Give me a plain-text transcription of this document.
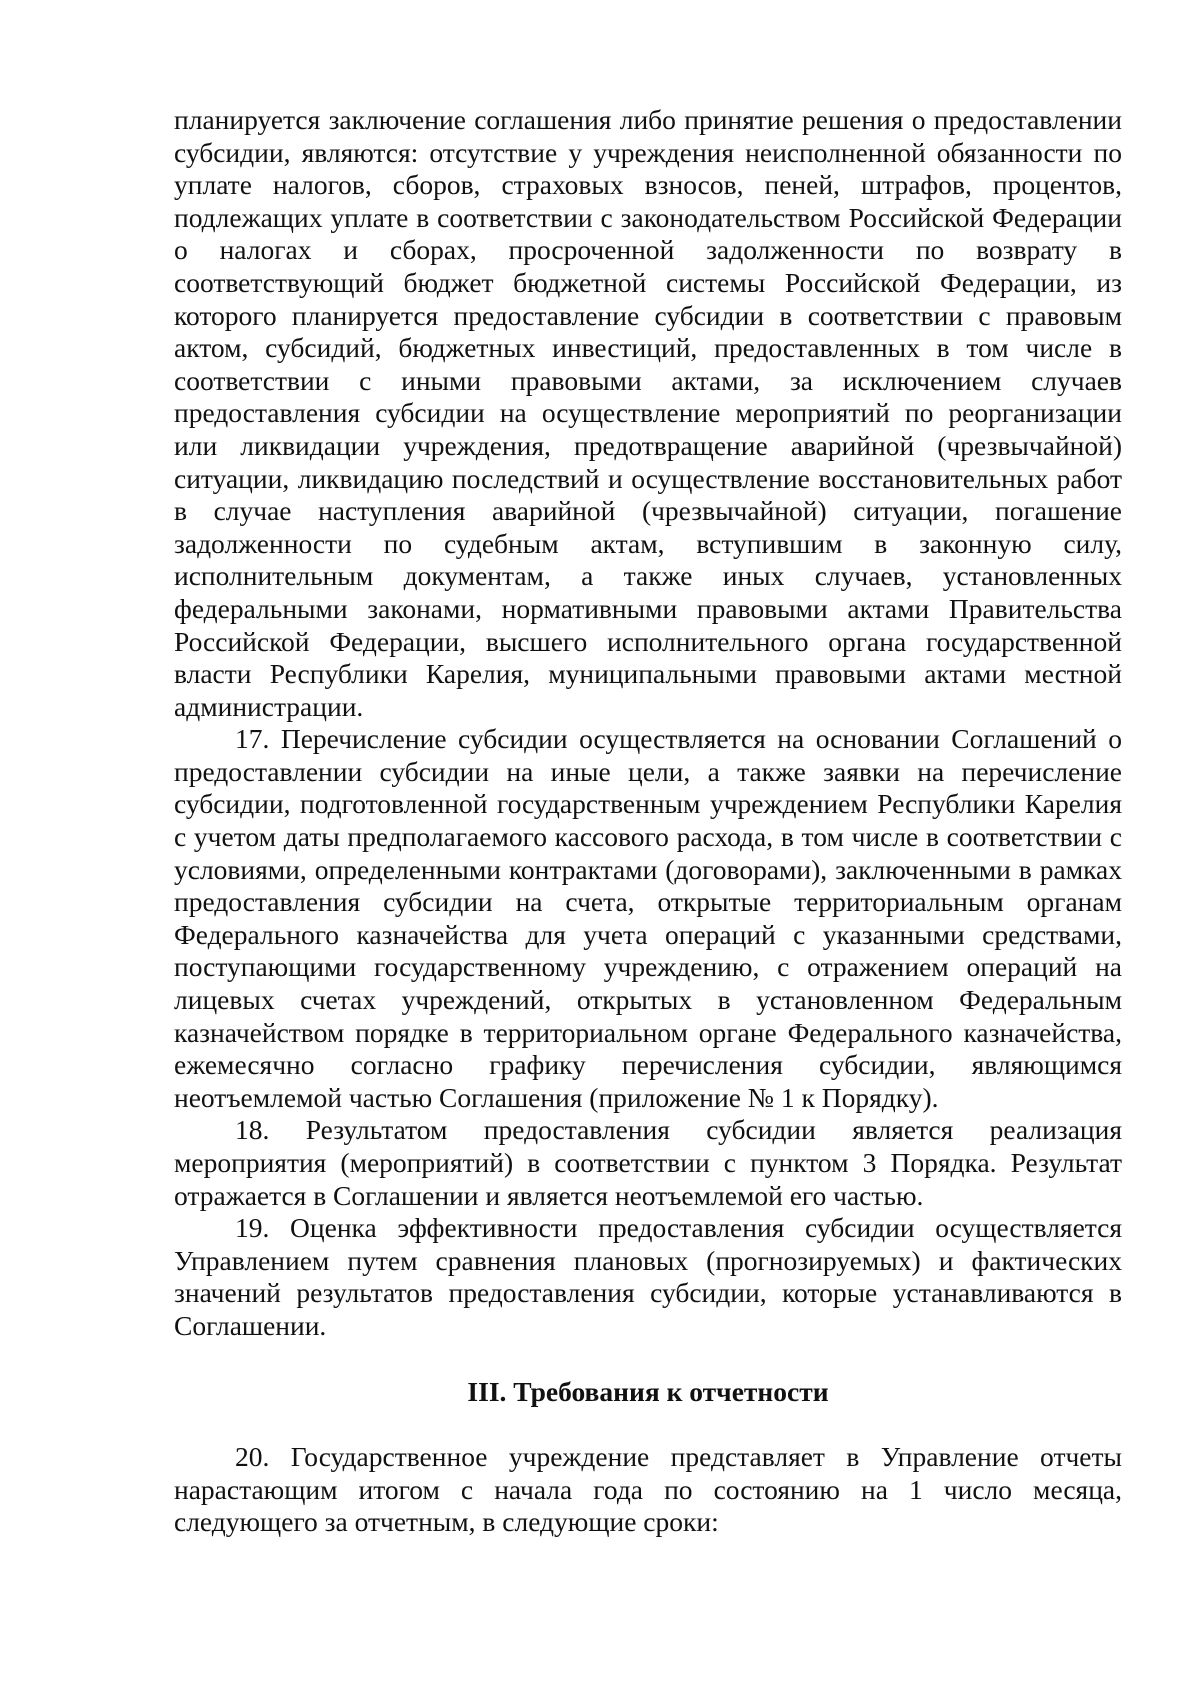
планируется заключение соглашения либо принятие решения о предоставлении субсидии, являются: отсутствие у учреждения неисполненной обязанности по уплате налогов, сборов, страховых взносов, пеней, штрафов, процентов, подлежащих уплате в соответствии с законодательством Российской Федерации о налогах и сборах, просроченной задолженности по возврату в соответствующий бюджет бюджетной системы Российской Федерации, из которого планируется предоставление субсидии в соответствии с правовым актом, субсидий, бюджетных инвестиций, предоставленных в том числе в соответствии с иными правовыми актами, за исключением случаев предоставления субсидии на осуществление мероприятий по реорганизации или ликвидации учреждения, предотвращение аварийной (чрезвычайной) ситуации, ликвидацию последствий и осуществление восстановительных работ в случае наступления аварийной (чрезвычайной) ситуации, погашение задолженности по судебным актам, вступившим в законную силу, исполнительным документам, а также иных случаев, установленных федеральными законами, нормативными правовыми актами Правительства Российской Федерации, высшего исполнительного органа государственной власти Республики Карелия, муниципальными правовыми актами местной администрации.

17. Перечисление субсидии осуществляется на основании Соглашений о предоставлении субсидии на иные цели, а также заявки на перечисление субсидии, подготовленной государственным учреждением Республики Карелия с учетом даты предполагаемого кассового расхода, в том числе в соответствии с условиями, определенными контрактами (договорами), заключенными в рамках предоставления субсидии на счета, открытые территориальным органам Федерального казначейства для учета операций с указанными средствами, поступающими государственному учреждению, с отражением операций на лицевых счетах учреждений, открытых в установленном Федеральным казначейством порядке в территориальном органе Федерального казначейства, ежемесячно согласно графику перечисления субсидии, являющимся неотъемлемой частью Соглашения (приложение № 1 к Порядку).

18. Результатом предоставления субсидии является реализация мероприятия (мероприятий) в соответствии с пунктом 3 Порядка. Результат отражается в Соглашении и является неотъемлемой его частью.

19. Оценка эффективности предоставления субсидии осуществляется Управлением путем сравнения плановых (прогнозируемых) и фактических значений результатов предоставления субсидии, которые устанавливаются в Соглашении.

III. Требования к отчетности

20. Государственное учреждение представляет в Управление отчеты нарастающим итогом с начала года по состоянию на 1 число месяца, следующего за отчетным, в следующие сроки:
